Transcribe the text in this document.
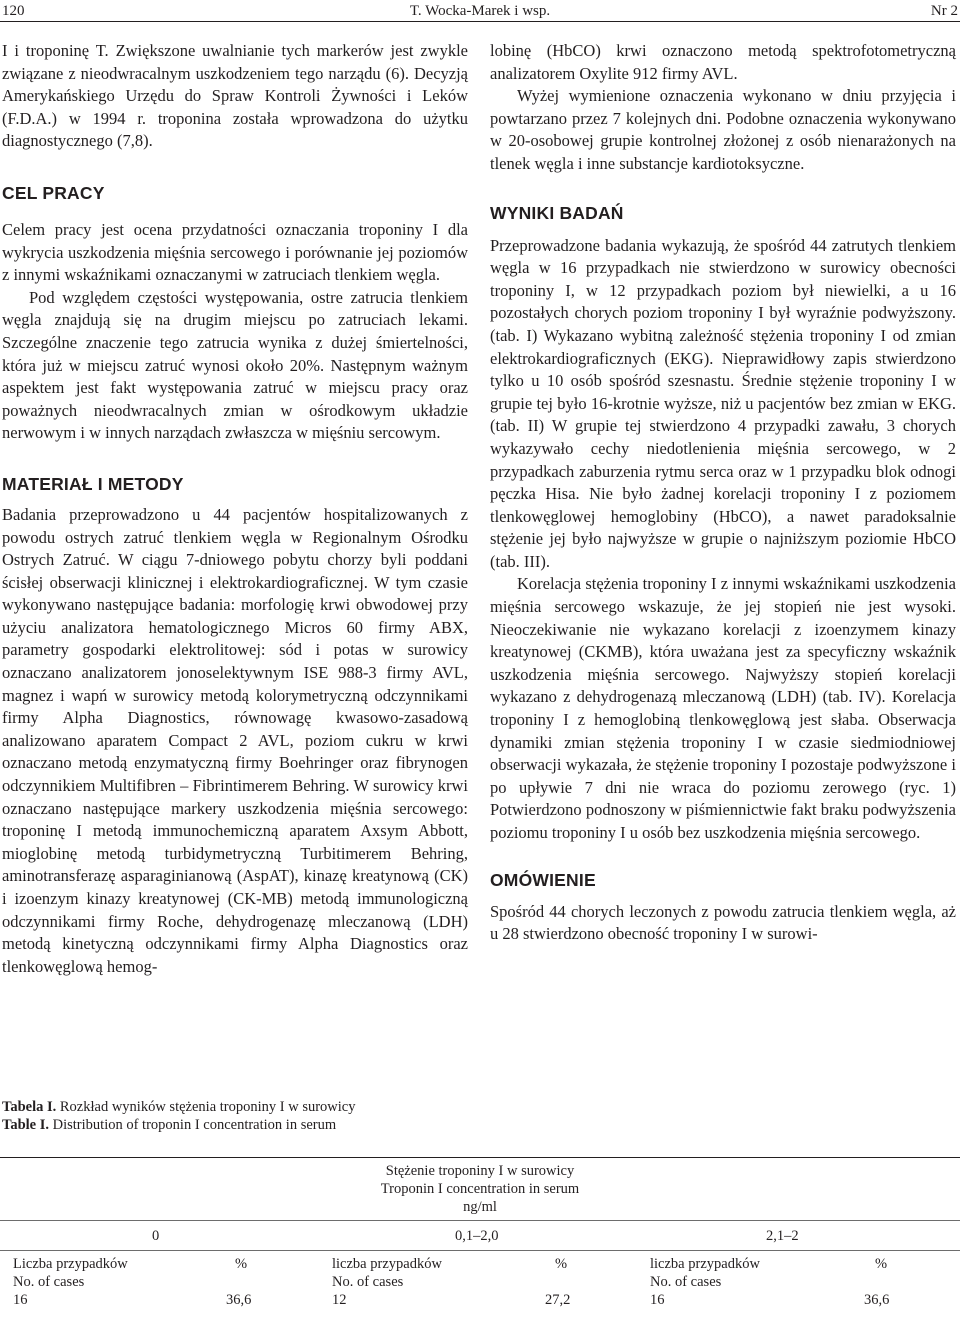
120	T. Wocka-Marek i wsp.	Nr 2

I i troponinę T. Zwiększone uwalnianie tych markerów jest zwykle związane z nieodwracalnym uszkodzeniem tego narządu (6). Decyzją Amerykańskiego Urzędu do Spraw Kontroli Żywności i Leków (F.D.A.) w 1994 r. troponina została wprowadzona do użytku diagnostycznego (7,8).

CEL PRACY

Celem pracy jest ocena przydatności oznaczania troponiny I dla wykrycia uszkodzenia mięśnia sercowego i porównanie jej poziomów z innymi wskaźnikami oznaczanymi w zatruciach tlenkiem węgla.

Pod względem częstości występowania, ostre zatrucia tlenkiem węgla znajdują się na drugim miejscu po zatruciach lekami. Szczególne znaczenie tego zatrucia wynika z dużej śmiertelności, która już w miejscu zatruć wynosi około 20%. Następnym ważnym aspektem jest fakt występowania zatruć w miejscu pracy oraz poważnych nieodwracalnych zmian w ośrodkowym układzie nerwowym i w innych narządach zwłaszcza w mięśniu sercowym.

MATERIAŁ I METODY

Badania przeprowadzono u 44 pacjentów hospitalizowanych z powodu ostrych zatruć tlenkiem węgla w Regionalnym Ośrodku Ostrych Zatruć. W ciągu 7-dniowego pobytu chorzy byli poddani ścisłej obserwacji klinicznej i elektrokardiograficznej. W tym czasie wykonywano następujące badania: morfologię krwi obwodowej przy użyciu analizatora hematologicznego Micros 60 firmy ABX, parametry gospodarki elektrolitowej: sód i potas w surowicy oznaczano analizatorem jonoselektywnym ISE 988-3 firmy AVL, magnez i wapń w surowicy metodą kolorymetryczną odczynnikami firmy Alpha Diagnostics, równowagę kwasowo-zasadową analizowano aparatem Compact 2 AVL, poziom cukru w krwi oznaczano metodą enzymatyczną firmy Boehringer oraz fibrynogen odczynnikiem Multifibren – Fibrintimerem Behring. W surowicy krwi oznaczano następujące markery uszkodzenia mięśnia sercowego: troponinę I metodą immunochemiczną aparatem Axsym Abbott, mioglobinę metodą turbidymetryczną Turbitimerem Behring, aminotransferazę asparaginianową (AspAT), kinazę kreatynową (CK) i izoenzym kinazy kreatynowej (CK-MB) metodą immunologiczną odczynnikami firmy Roche, dehydrogenazę mleczanową (LDH) metodą kinetyczną odczynnikami firmy Alpha Diagnostics oraz tlenkowęglową hemog-

lobinę (HbCO) krwi oznaczono metodą spektrofotometryczną analizatorem Oxylite 912 firmy AVL.

Wyżej wymienione oznaczenia wykonano w dniu przyjęcia i powtarzano przez 7 kolejnych dni. Podobne oznaczenia wykonywano w 20-osobowej grupie kontrolnej złożonej z osób nienarażonych na tlenek węgla i inne substancje kardiotoksyczne.

WYNIKI BADAŃ

Przeprowadzone badania wykazują, że spośród 44 zatrutych tlenkiem węgla w 16 przypadkach nie stwierdzono w surowicy obecności troponiny I, w 12 przypadkach poziom był niewielki, a u 16 pozostałych chorych poziom troponiny I był wyraźnie podwyższony. (tab. I) Wykazano wybitną zależność stężenia troponiny I od zmian elektrokardiograficznych (EKG). Nieprawidłowy zapis stwierdzono tylko u 10 osób spośród szesnastu. Średnie stężenie troponiny I w grupie tej było 16-krotnie wyższe, niż u pacjentów bez zmian w EKG. (tab. II) W grupie tej stwierdzono 4 przypadki zawału, 3 chorych wykazywało cechy niedotlenienia mięśnia sercowego, w 2 przypadkach zaburzenia rytmu serca oraz w 1 przypadku blok odnogi pęczka Hisa. Nie było żadnej korelacji troponiny I z poziomem tlenkowęglowej hemoglobiny (HbCO), a nawet paradoksalnie stężenie jej było najwyższe w grupie o najniższym poziomie HbCO (tab. III).

Korelacja stężenia troponiny I z innymi wskaźnikami uszkodzenia mięśnia sercowego wskazuje, że jej stopień nie jest wysoki. Nieoczekiwanie nie wykazano korelacji z izoenzymem kinazy kreatynowej (CKMB), która uważana jest za specyficzny wskaźnik uszkodzenia mięśnia sercowego. Najwyższy stopień korelacji wykazano z dehydrogenazą mleczanową (LDH) (tab. IV). Korelacja troponiny I z hemoglobiną tlenkowęglową jest słaba. Obserwacja dynamiki zmian stężenia troponiny I w czasie siedmiodniowej obserwacji wykazała, że stężenie troponiny I pozostaje podwyższone i po upływie 7 dni nie wraca do poziomu zerowego (ryc. 1) Potwierdzono podnoszony w piśmiennictwie fakt braku podwyższenia poziomu troponiny I u osób bez uszkodzenia mięśnia sercowego.

OMÓWIENIE

Spośród 44 chorych leczonych z powodu zatrucia tlenkiem węgla, aż u 28 stwierdzono obecność troponiny I w surowi-

Tabela I. Rozkład wyników stężenia troponiny I w surowicy
Table I. Distribution of troponin I concentration in serum
Stężenie troponiny I w surowicy
Troponin I concentration in serum
ng/ml
0	0,1–2,0	2,1–2
Liczba przypadków
No. of cases
%	liczba przypadków
No. of cases
%	liczba przypadków
No. of cases
%
16	36,6	12	27,2	16	36,6
